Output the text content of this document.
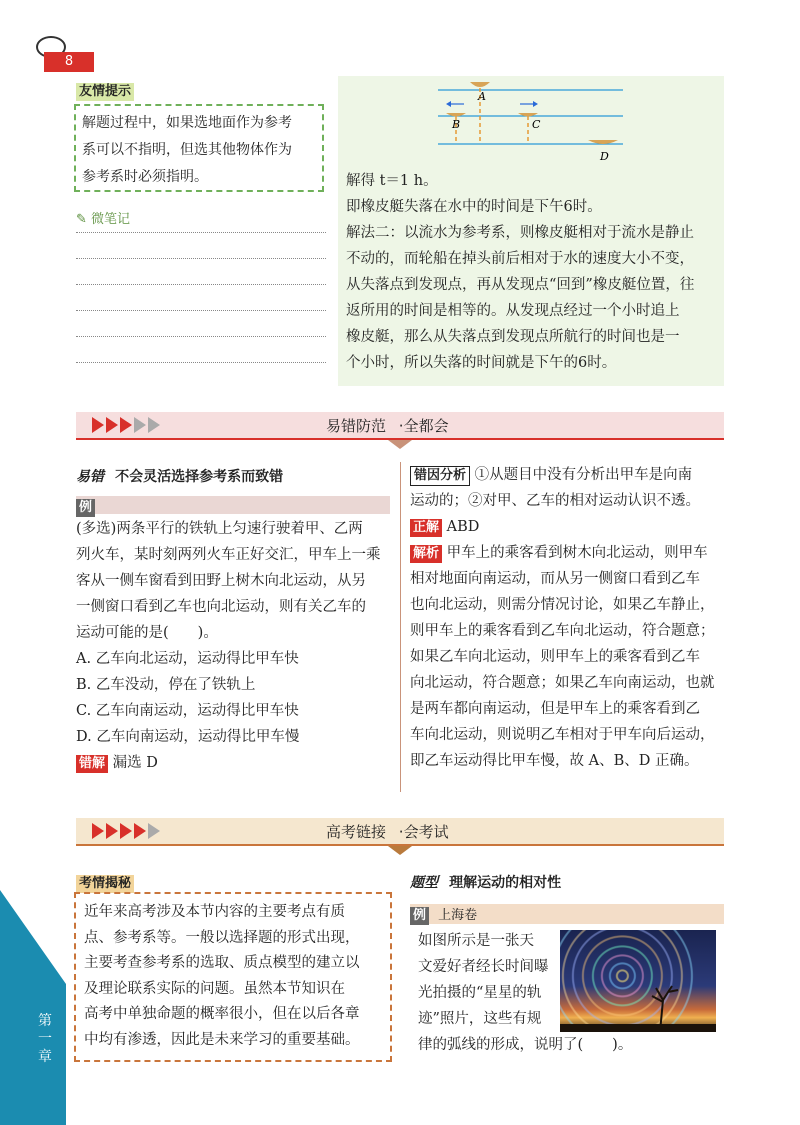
8
第一章
友情提示
解题过程中，如果选地面作为参考
系可以不指明，但选其他物体作为
参考系时必须指明。
✎ 微笔记
A
B	C
D
解得 t＝1 h。
即橡皮艇失落在水中的时间是下午6时。
解法二：以流水为参考系，则橡皮艇相对于流水是静止
不动的，而轮船在掉头前后相对于水的速度大小不变，
从失落点到发现点，再从发现点“回到”橡皮艇位置，往
返所用的时间是相等的。从发现点经过一个小时追上
橡皮艇，那么从失落点到发现点所航行的时间也是一
个小时，所以失落的时间就是下午的6时。
易错防范 ·全都会
易错 不会灵活选择参考系而致错
例
(多选)两条平行的铁轨上匀速行驶着甲、乙两
列火车，某时刻两列火车正好交汇，甲车上一乘
客从一侧车窗看到田野上树木向北运动，从另
一侧窗口看到乙车也向北运动，则有关乙车的
运动可能的是(　　)。
A. 乙车向北运动，运动得比甲车快
B. 乙车没动，停在了铁轨上
C. 乙车向南运动，运动得比甲车快
D. 乙车向南运动，运动得比甲车慢
错解 漏选 D
错因分析 ①从题目中没有分析出甲车是向南
运动的；②对甲、乙车的相对运动认识不透。
正解 ABD
解析 甲车上的乘客看到树木向北运动，则甲车
相对地面向南运动，而从另一侧窗口看到乙车
也向北运动，则需分情况讨论，如果乙车静止，
则甲车上的乘客看到乙车向北运动，符合题意；
如果乙车向北运动，则甲车上的乘客看到乙车
向北运动，符合题意；如果乙车向南运动，也就
是两车都向南运动，但是甲车上的乘客看到乙
车向北运动，则说明乙车相对于甲车向后运动，
即乙车运动得比甲车慢，故 A、B、D 正确。
高考链接 ·会考试
考情揭秘
近年来高考涉及本节内容的主要考点有质
点、参考系等。一般以选择题的形式出现，
主要考查参考系的选取、质点模型的建立以
及理论联系实际的问题。虽然本节知识在
高考中单独命题的概率很小，但在以后各章
中均有渗透，因此是未来学习的重要基础。
题型 理解运动的相对性
例 上海卷
如图所示是一张天
文爱好者经长时间曝
光拍摄的“星星的轨
迹”照片，这些有规
律的弧线的形成，说明了(　　)。
